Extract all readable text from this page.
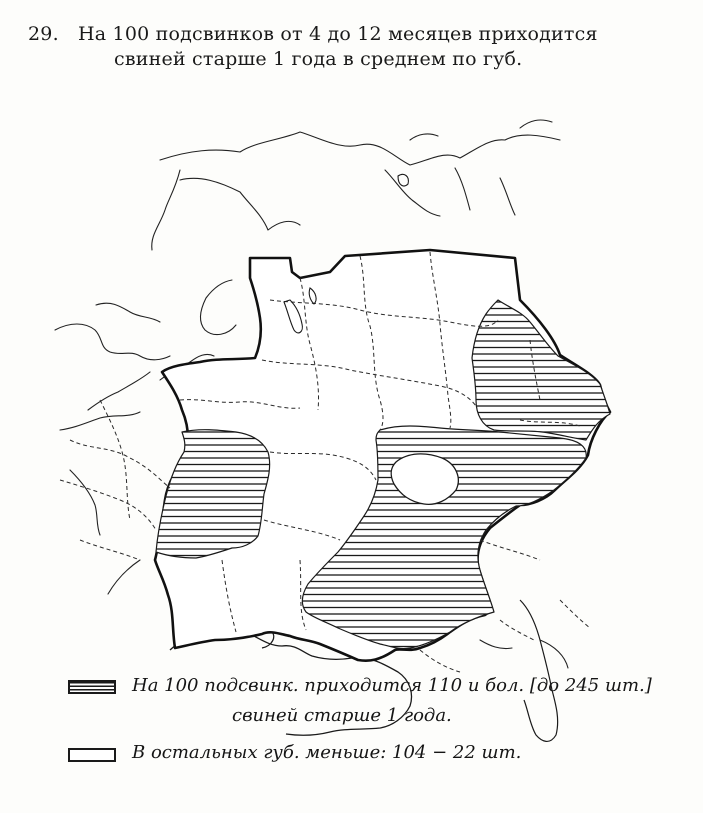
29. На 100 подсвинков от 4 до 12 месяцев приходится
свиней старше 1 года в среднем по губ.
На 100 подсвинк. приходится 110 и бол. [до 245 шт.]
свиней старше 1 года.
В остальных губ. меньше: 104 − 22 шт.
